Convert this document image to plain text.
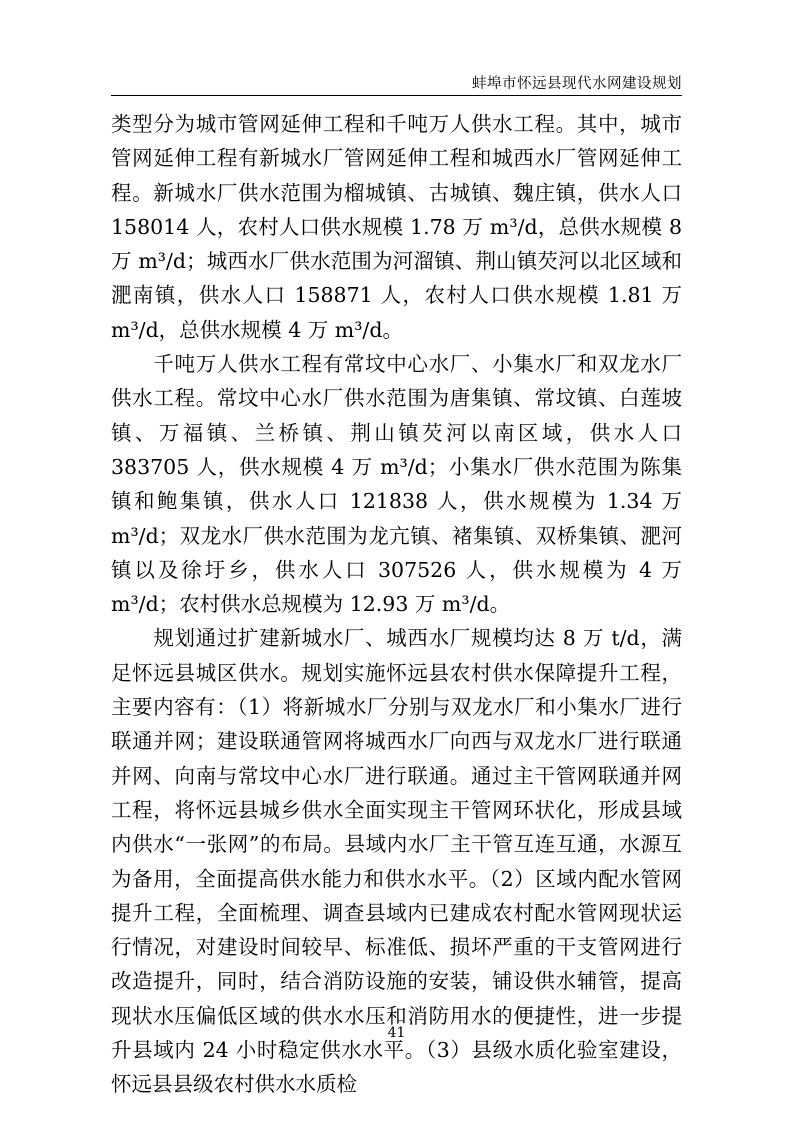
蚌埠市怀远县现代水网建设规划

类型分为城市管网延伸工程和千吨万人供水工程。其中，城市管网延伸工程有新城水厂管网延伸工程和城西水厂管网延伸工程。新城水厂供水范围为榴城镇、古城镇、魏庄镇，供水人口 158014 人，农村人口供水规模 1.78 万 m³/d，总供水规模 8 万 m³/d；城西水厂供水范围为河溜镇、荆山镇芡河以北区域和淝南镇，供水人口 158871 人，农村人口供水规模 1.81 万 m³/d，总供水规模 4 万 m³/d。

　　千吨万人供水工程有常坟中心水厂、小集水厂和双龙水厂供水工程。常坟中心水厂供水范围为唐集镇、常坟镇、白莲坡镇、万福镇、兰桥镇、荆山镇芡河以南区域，供水人口 383705 人，供水规模 4 万 m³/d；小集水厂供水范围为陈集镇和鲍集镇，供水人口 121838 人，供水规模为 1.34 万 m³/d；双龙水厂供水范围为龙亢镇、褚集镇、双桥集镇、淝河镇以及徐圩乡，供水人口 307526 人，供水规模为 4 万 m³/d；农村供水总规模为 12.93 万 m³/d。

　　规划通过扩建新城水厂、城西水厂规模均达 8 万 t/d，满足怀远县城区供水。规划实施怀远县农村供水保障提升工程，主要内容有：（1）将新城水厂分别与双龙水厂和小集水厂进行联通并网；建设联通管网将城西水厂向西与双龙水厂进行联通并网、向南与常坟中心水厂进行联通。通过主干管网联通并网工程，将怀远县城乡供水全面实现主干管网环状化，形成县域内供水“一张网”的布局。县域内水厂主干管互连互通，水源互为备用，全面提高供水能力和供水水平。（2）区域内配水管网提升工程，全面梳理、调查县域内已建成农村配水管网现状运行情况，对建设时间较早、标准低、损坏严重的干支管网进行改造提升，同时，结合消防设施的安装，铺设供水辅管，提高现状水压偏低区域的供水水压和消防用水的便捷性，进一步提升县域内 24 小时稳定供水水平。（3）县级水质化验室建设，怀远县县级农村供水水质检

41
